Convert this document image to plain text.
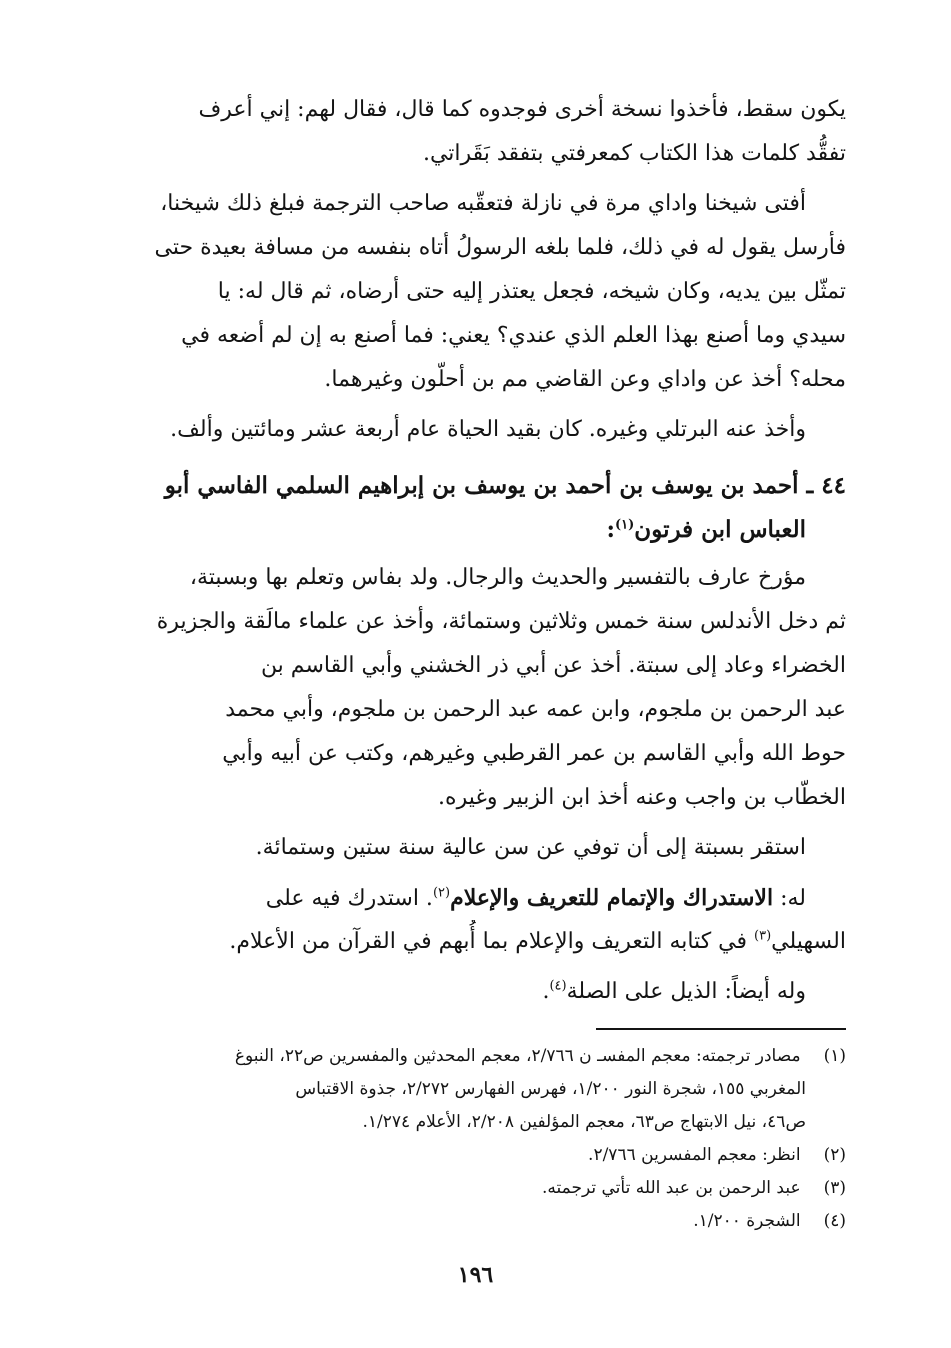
يكون سقط، فأخذوا نسخة أخرى فوجدوه كما قال، فقال لهم: إني أعرف
تفقُّد كلمات هذا الكتاب كمعرفتي بتفقد بَقَراتي.
أفتى شيخنا واداي مرة في نازلة فتعقّبه صاحب الترجمة فبلغ ذلك شيخنا،
فأرسل يقول له في ذلك، فلما بلغه الرسولُ أتاه بنفسه من مسافة بعيدة حتى
تمثّل بين يديه، وكان شيخه، فجعل يعتذر إليه حتى أرضاه، ثم قال له: يا
سيدي وما أصنع بهذا العلم الذي عندي؟ يعني: فما أصنع به إن لم أضعه في
محله؟ أخذ عن واداي وعن القاضي مم بن أحلّون وغيرهما.
وأخذ عنه البرتلي وغيره. كان بقيد الحياة عام أربعة عشر ومائتين وألف.
٤٤ ـ أحمد بن يوسف بن أحمد بن يوسف بن إبراهيم السلمي الفاسي أبو
العباس ابن فرتون$^{(١)}$:
مؤرخ عارف بالتفسير والحديث والرجال. ولد بفاس وتعلم بها وبسبتة،
ثم دخل الأندلس سنة خمس وثلاثين وستمائة، وأخذ عن علماء مالَقة والجزيرة
الخضراء وعاد إلى سبتة. أخذ عن أبي ذر الخشني وأبي القاسم بن
عبد الرحمن بن ملجوم، وابن عمه عبد الرحمن بن ملجوم، وأبي محمد
حوط الله وأبي القاسم بن عمر القرطبي وغيرهم، وكتب عن أبيه وأبي
الخطّاب بن واجب وعنه أخذ ابن الزبير وغيره.
استقر بسبتة إلى أن توفي عن سن عالية سنة ستين وستمائة.
له: الاستدراك والإتمام للتعريف والإعلام$^{(٢)}$. استدرك فيه على
السهيلي$^{(٣)}$ في كتابه التعريف والإعلام بما أُبهم في القرآن من الأعلام.
وله أيضاً: الذيل على الصلة$^{(٤)}$.
(١) مصادر ترجمته: معجم المفسـ ن ٢/٧٦٦، معجم المحدثين والمفسرين ص٢٢، النبوغ
المغربي ١٥٥، شجرة النور ١/٢٠٠، فهرس الفهارس ٢/٢٧٢، جذوة الاقتباس
ص٤٦، نيل الابتهاج ص٦٣، معجم المؤلفين ٢/٢٠٨، الأعلام ١/٢٧٤.
(٢) انظر: معجم المفسرين ٢/٧٦٦.
(٣) عبد الرحمن بن عبد الله تأتي ترجمته.
(٤) الشجرة ١/٢٠٠.
١٩٦
